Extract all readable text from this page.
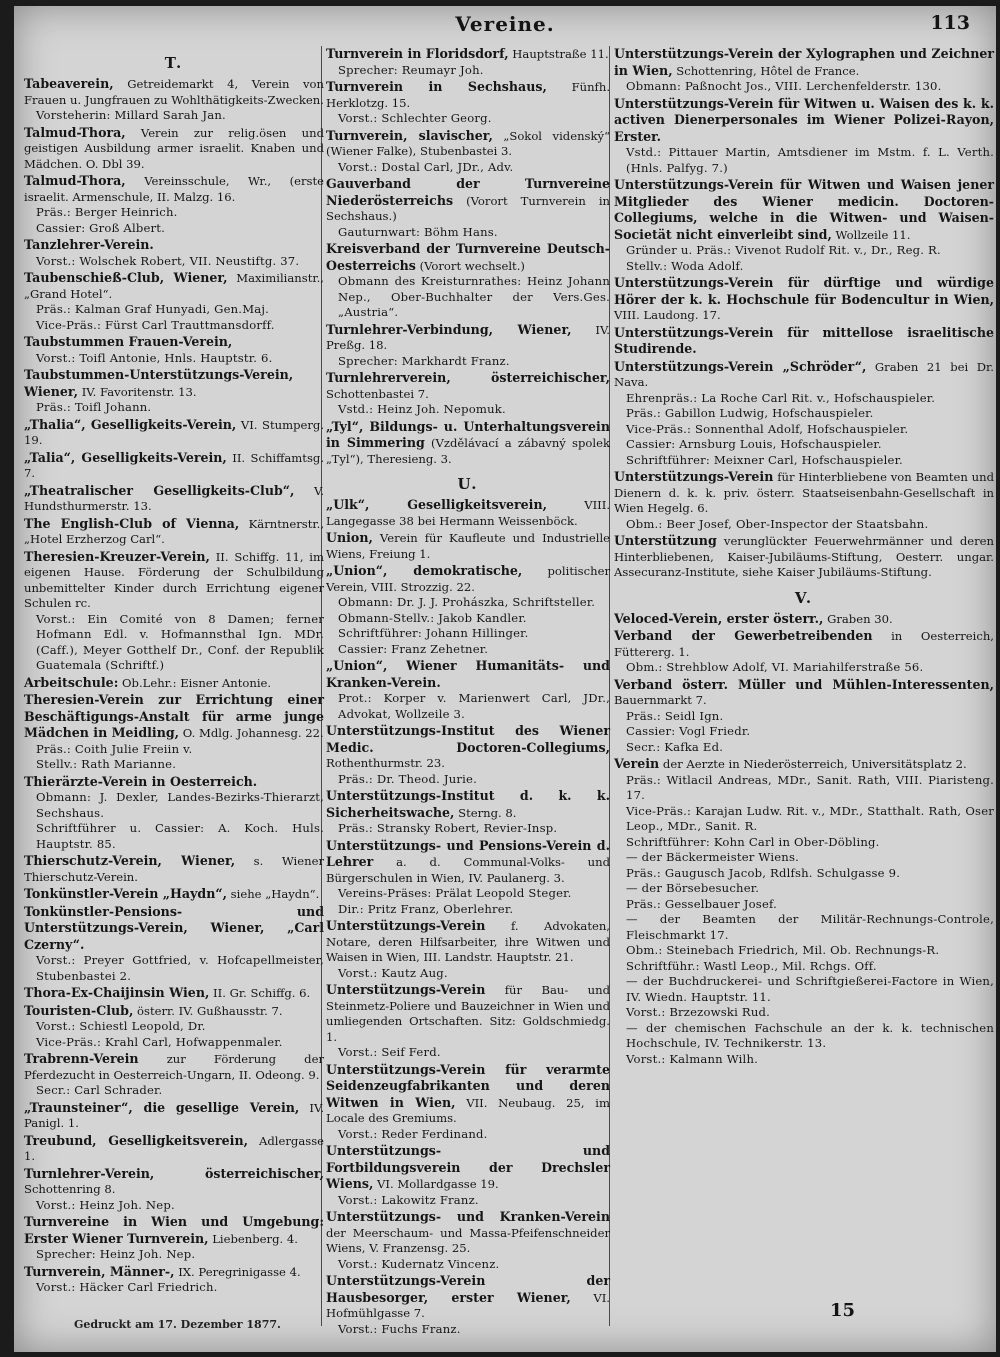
Vereine.	113
T.

Tabeaverein, Getreidemarkt 4, Verein von Frauen u. Jungfrauen zu Wohlthätigkeits-Zwecken.
Vorsteherin: Millard Sarah Jan.

Talmud-Thora, Verein zur relig.ösen und geistigen Ausbildung armer israelit. Knaben und Mädchen. O. Dbl 39.

Talmud-Thora, Vereinsschule, Wr., (erste israelit. Armenschule, II. Malzg. 16.
Präs.: Berger Heinrich.
Cassier: Groß Albert.

Tanzlehrer-Verein.
Vorst.: Wolschek Robert, VII. Neustiftg. 37.

Taubenschieß-Club, Wiener, Maximilianstr., „Grand Hotel“.
Präs.: Kalman Graf Hunyadi, Gen.Maj.
Vice-Präs.: Fürst Carl Trauttmansdorff.

Taubstummen Frauen-Verein,
Vorst.: Toifl Antonie, Hnls. Hauptstr. 6.

Taubstummen-Unterstützungs-Verein, Wiener, IV. Favoritenstr. 13.
Präs.: Toifl Johann.

„Thalia“, Geselligkeits-Verein, VI. Stumperg. 19.

„Talia“, Geselligkeits-Verein, II. Schiffamtsg. 7.

„Theatralischer Geselligkeits-Club“, V. Hundsthurmerstr. 13.

The English-Club of Vienna, Kärntnerstr., „Hotel Erzherzog Carl“.

Theresien-Kreuzer-Verein, II. Schiffg. 11, im eigenen Hause. Förderung der Schulbildung unbemittelter Kinder durch Errichtung eigener Schulen rc.
Vorst.: Ein Comité von 8 Damen; ferner Hofmann Edl. v. Hofmannsthal Ign. MDr. (Caff.), Meyer Gotthelf Dr., Conf. der Republik Guatemala (Schriftf.)

Arbeitschule: Ob.Lehr.: Eisner Antonie.

Theresien-Verein zur Errichtung einer Beschäftigungs-Anstalt für arme junge Mädchen in Meidling, O. Mdlg. Johannesg. 22.
Präs.: Coith Julie Freiin v.
Stellv.: Rath Marianne.

Thierärzte-Verein in Oesterreich.
Obmann: J. Dexler, Landes-Bezirks-Thierarzt, Sechshaus.
Schriftführer u. Cassier: A. Koch. Huls. Hauptstr. 85.

Thierschutz-Verein, Wiener, s. Wiener Thierschutz-Verein.

Tonkünstler-Verein „Haydn“, siehe „Haydn“.

Tonkünstler-Pensions- und Unterstützungs-Verein, Wiener, „Carl Czerny“.
Vorst.: Preyer Gottfried, v. Hofcapellmeister, Stubenbastei 2.

Thora-Ex-Chaijinsin Wien, II. Gr. Schiffg. 6.

Touristen-Club, österr. IV. Gußhausstr. 7.
Vorst.: Schiestl Leopold, Dr.
Vice-Präs.: Krahl Carl, Hofwappenmaler.

Trabrenn-Verein zur Förderung der Pferdezucht in Oesterreich-Ungarn, II. Odeong. 9.
Secr.: Carl Schrader.

„Traunsteiner“, die gesellige Verein, IV. Panigl. 1.

Treubund, Geselligkeitsverein, Adlergasse 1.

Turnlehrer-Verein, österreichischer, Schottenring 8.
Vorst.: Heinz Joh. Nep.

Turnvereine in Wien und Umgebung: Erster Wiener Turnverein, Liebenberg. 4.
Sprecher: Heinz Joh. Nep.

Turnverein, Männer-, IX. Peregrinigasse 4.
Vorst.: Häcker Carl Friedrich.

Turnverein in Floridsdorf, Hauptstraße 11.
Sprecher: Reumayr Joh.

Turnverein in Sechshaus, Fünfh. Herklotzg. 15.
Vorst.: Schlechter Georg.

Turnverein, slavischer, „Sokol videnský“ (Wiener Falke), Stubenbastei 3.
Vorst.: Dostal Carl, JDr., Adv.

Gauverband der Turnvereine Niederösterreichs (Vorort Turnverein in Sechshaus.)
Gauturnwart: Böhm Hans.

Kreisverband der Turnvereine Deutsch-Oesterreichs (Vorort wechselt.)
Obmann des Kreisturnrathes: Heinz Johann Nep., Ober-Buchhalter der Vers.Ges. „Austria“.

Turnlehrer-Verbindung, Wiener, IV. Preßg. 18.
Sprecher: Markhardt Franz.

Turnlehrerverein, österreichischer, Schottenbastei 7.
Vstd.: Heinz Joh. Nepomuk.

„Tyl“, Bildungs- u. Unterhaltungsverein in Simmering (Vzdělávací a zábavný spolek „Tyl“), Theresieng. 3.

U.

„Ulk“, Geselligkeitsverein,	VIII. Langegasse 38 bei Hermann Weissenböck.

Union, Verein für Kaufleute und Industrielle Wiens, Freiung 1.

„Union“, demokratische, politischer Verein, VIII. Strozzig. 22.
Obmann: Dr. J. J. Prohászka, Schriftsteller.
Obmann-Stellv.: Jakob Kandler.
Schriftführer: Johann Hillinger.
Cassier: Franz Zehetner.

„Union“, Wiener Humanitäts- und Kranken-Verein.
Prot.: Korper v. Marienwert Carl, JDr., Advokat, Wollzeile 3.

Unterstützungs-Institut des Wiener Medic. Doctoren-Collegiums, Rothenthurmstr. 23.
Präs.: Dr. Theod. Jurie.

Unterstützungs-Institut d. k. k. Sicherheitswache, Sterng. 8.
Präs.: Stransky Robert, Revier-Insp.

Unterstützungs- und Pensions-Verein d. Lehrer a. d. Communal-Volks- und Bürgerschulen in Wien, IV. Paulanerg. 3.
Vereins-Präses: Prälat Leopold Steger.
Dir.: Pritz Franz, Oberlehrer.

Unterstützungs-Verein f. Advokaten, Notare, deren Hilfsarbeiter, ihre Witwen und Waisen in Wien, III. Landstr. Hauptstr. 21.
Vorst.: Kautz Aug.

Unterstützungs-Verein für Bau- und Steinmetz-Poliere und Bauzeichner in Wien und umliegenden Ortschaften. Sitz: Goldschmiedg. 1.
Vorst.: Seif Ferd.

Unterstützungs-Verein für verarmte Seidenzeugfabrikanten und deren Witwen in Wien, VII. Neubaug. 25, im Locale des Gremiums.
Vorst.: Reder Ferdinand.

Unterstützungs- und Fortbildungsverein der Drechsler Wiens, VI. Mollardgasse 19.
Vorst.: Lakowitz Franz.

Unterstützungs- und Kranken-Verein der Meerschaum- und Massa-Pfeifenschneider Wiens, V. Franzensg. 25.
Vorst.: Kudernatz Vincenz.

Unterstützungs-Verein der Hausbesorger, erster Wiener, VI. Hofmühlgasse 7.
Vorst.: Fuchs Franz.

Unterstützungs-Verein der Xylographen und Zeichner in Wien, Schottenring, Hôtel de France.
Obmann: Paßnocht Jos., VIII. Lerchenfelderstr. 130.

Unterstützungs-Verein für Witwen u. Waisen des k. k. activen Dienerpersonales im Wiener Polizei-Rayon, Erster.
Vstd.: Pittauer Martin, Amtsdiener im Mstm. f. L. Verth. (Hnls. Palfyg. 7.)

Unterstützungs-Verein für Witwen und Waisen jener Mitglieder des Wiener medicin. Doctoren-Collegiums, welche in die Witwen- und Waisen-Societät nicht einverleibt sind, Wollzeile 11.
Gründer u. Präs.: Vivenot Rudolf Rit. v., Dr., Reg. R.
Stellv.: Woda Adolf.

Unterstützungs-Verein für dürftige und würdige Hörer der k. k. Hochschule für Bodencultur in Wien, VIII. Laudong. 17.

Unterstützungs-Verein für mittellose israelitische Studirende.

Unterstützungs-Verein „Schröder“, Graben 21 bei Dr. Nava.
Ehrenpräs.: La Roche Carl Rit. v., Hofschauspieler.
Präs.: Gabillon Ludwig, Hofschauspieler.
Vice-Präs.: Sonnenthal Adolf, Hofschauspieler.
Cassier: Arnsburg Louis, Hofschauspieler.
Schriftführer: Meixner Carl, Hofschauspieler.

Unterstützungs-Verein für Hinterbliebene von Beamten und Dienern d. k. k. priv. österr. Staatseisenbahn-Gesellschaft in Wien Hegelg. 6.
Obm.: Beer Josef, Ober-Inspector der Staatsbahn.

Unterstützung verunglückter Feuerwehrmänner und deren Hinterbliebenen, Kaiser-Jubiläums-Stiftung, Oesterr. ungar. Assecuranz-Institute, siehe Kaiser Jubiläums-Stiftung.

V.

Veloced-Verein, erster österr., Graben 30.

Verband der Gewerbetreibenden in Oesterreich, Füttererg. 1.
Obm.: Strehblow Adolf, VI. Mariahilferstraße 56.

Verband österr. Müller und Mühlen-Interessenten, Bauernmarkt 7.
Präs.: Seidl Ign.
Cassier: Vogl Friedr.
Secr.: Kafka Ed.

Verein der Aerzte in Niederösterreich, Universitätsplatz 2.
Präs.: Witlacil Andreas, MDr., Sanit. Rath, VIII. Piaristeng. 17.
Vice-Präs.: Karajan Ludw. Rit. v., MDr., Statthalt. Rath, Oser Leop., MDr., Sanit. R.
Schriftführer: Kohn Carl in Ober-Döbling.
— der Bäckermeister Wiens.
Präs.: Gaugusch Jacob, Rdlfsh. Schulgasse 9.
— der Börsebesucher.
Präs.: Gesselbauer Josef.
— der Beamten der Militär-Rechnungs-Controle, Fleischmarkt 17.
Obm.: Steinebach Friedrich, Mil. Ob. Rechnungs-R.
Schriftführ.: Wastl Leop., Mil. Rchgs. Off.
— der Buchdruckerei- und Schriftgießerei-Factore in Wien, IV. Wiedn. Hauptstr. 11.
Vorst.: Brzezowski Rud.
— der chemischen Fachschule an der k. k. technischen Hochschule, IV. Technikerstr. 13.
Vorst.: Kalmann Wilh.

Gedruckt am 17. Dezember 1877.
15
